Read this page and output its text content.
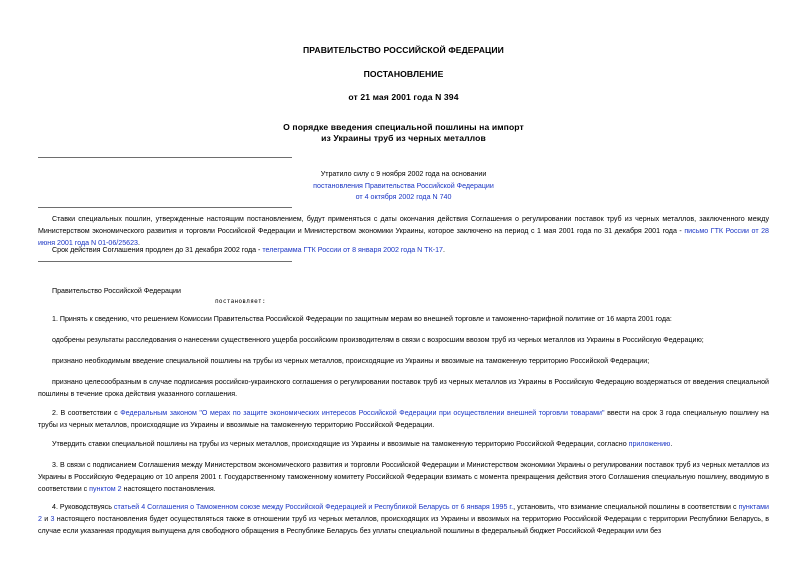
ПРАВИТЕЛЬСТВО РОССИЙСКОЙ ФЕДЕРАЦИИ
ПОСТАНОВЛЕНИЕ
от 21 мая 2001 года N 394
О порядке введения специальной пошлины на импорт
из Украины труб из черных металлов
Утратило силу с 9 ноября 2002 года на основании
постановления Правительства Российской Федерации
от 4 октября 2002 года N 740
Ставки специальных пошлин, утвержденные настоящим постановлением, будут применяться с даты окончания действия Соглашения о регулировании поставок труб из черных металлов, заключенного между Министерством экономического развития и торговли Российской Федерации и Министерством экономики Украины, которое заключено на период с 1 мая 2001 года по 31 декабря 2001 года - письмо ГТК России от 28 июня 2001 года N 01-06/25623.
Срок действия Соглашения продлен до 31 декабря 2002 года - телеграмма ГТК России от 8 января 2002 года N ТК-17.
Правительство Российской Федерации
постановляет:
1. Принять к сведению, что решением Комиссии Правительства Российской Федерации по защитным мерам во внешней торговле и таможенно-тарифной политике от 16 марта 2001 года:
одобрены результаты расследования о нанесении существенного ущерба российским производителям в связи с возросшим ввозом труб из черных металлов из Украины в Российскую Федерацию;
признано необходимым введение специальной пошлины на трубы из черных металлов, происходящие из Украины и ввозимые на таможенную территорию Российской Федерации;
признано целесообразным в случае подписания российско-украинского соглашения о регулировании поставок труб из черных металлов из Украины в Российскую Федерацию воздержаться от введения специальной пошлины в течение срока действия указанного соглашения.
2. В соответствии с Федеральным законом "О мерах по защите экономических интересов Российской Федерации при осуществлении внешней торговли товарами" ввести на срок 3 года специальную пошлину на трубы из черных металлов, происходящие из Украины и ввозимые на таможенную территорию Российской Федерации.
Утвердить ставки специальной пошлины на трубы из черных металлов, происходящие из Украины и ввозимые на таможенную территорию Российской Федерации, согласно приложению.
3. В связи с подписанием Соглашения между Министерством экономического развития и торговли Российской Федерации и Министерством экономики Украины о регулировании поставок труб из черных металлов из Украины в Российскую Федерацию от 10 апреля 2001 г. Государственному таможенному комитету Российской Федерации взимать с момента прекращения действия этого Соглашения специальную пошлину, вводимую в соответствии с пунктом 2 настоящего постановления.
4. Руководствуясь статьей 4 Соглашения о Таможенном союзе между Российской Федерацией и Республикой Беларусь от 6 января 1995 г., установить, что взимание специальной пошлины в соответствии с пунктами 2 и 3 настоящего постановления будет осуществляться также в отношении труб из черных металлов, происходящих из Украины и ввозимых на территорию Российской Федерации с территории Республики Беларусь, в случае если указанная продукция выпущена для свободного обращения в Республике Беларусь без уплаты специальной пошлины в федеральный бюджет Российской Федерации или без
